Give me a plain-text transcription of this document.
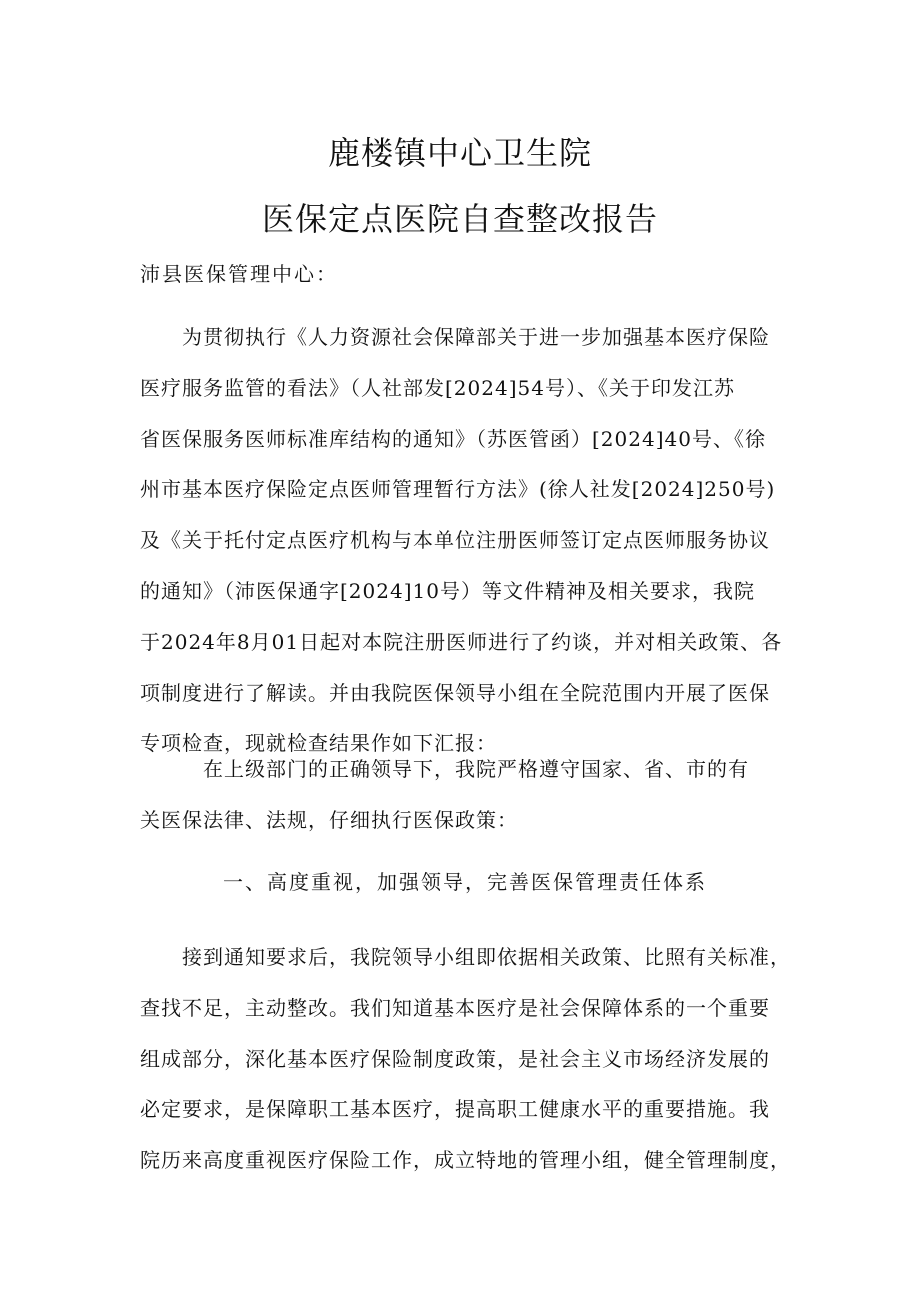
鹿楼镇中心卫生院
医保定点医院自查整改报告

沛县医保管理中心：

　　为贯彻执行《人力资源社会保障部关于进一步加强基本医疗保险
医疗服务监管的看法》（人社部发[2024]54号）、《关于印发江苏
省医保服务医师标准库结构的通知》（苏医管函）[2024]40号、《徐
州市基本医疗保险定点医师管理暂行方法》(徐人社发[2024]250号)
及《关于托付定点医疗机构与本单位注册医师签订定点医师服务协议
的通知》（沛医保通字[2024]10号）等文件精神及相关要求，我院
于2024年8月01日起对本院注册医师进行了约谈，并对相关政策、各
项制度进行了解读。并由我院医保领导小组在全院范围内开展了医保
专项检查，现就检查结果作如下汇报：
　　　在上级部门的正确领导下，我院严格遵守国家、省、市的有
关医保法律、法规，仔细执行医保政策：
一、高度重视，加强领导，完善医保管理责任体系
　　接到通知要求后，我院领导小组即依据相关政策、比照有关标准，
查找不足，主动整改。我们知道基本医疗是社会保障体系的一个重要
组成部分，深化基本医疗保险制度政策，是社会主义市场经济发展的
必定要求，是保障职工基本医疗，提高职工健康水平的重要措施。我
院历来高度重视医疗保险工作，成立特地的管理小组，健全管理制度，
